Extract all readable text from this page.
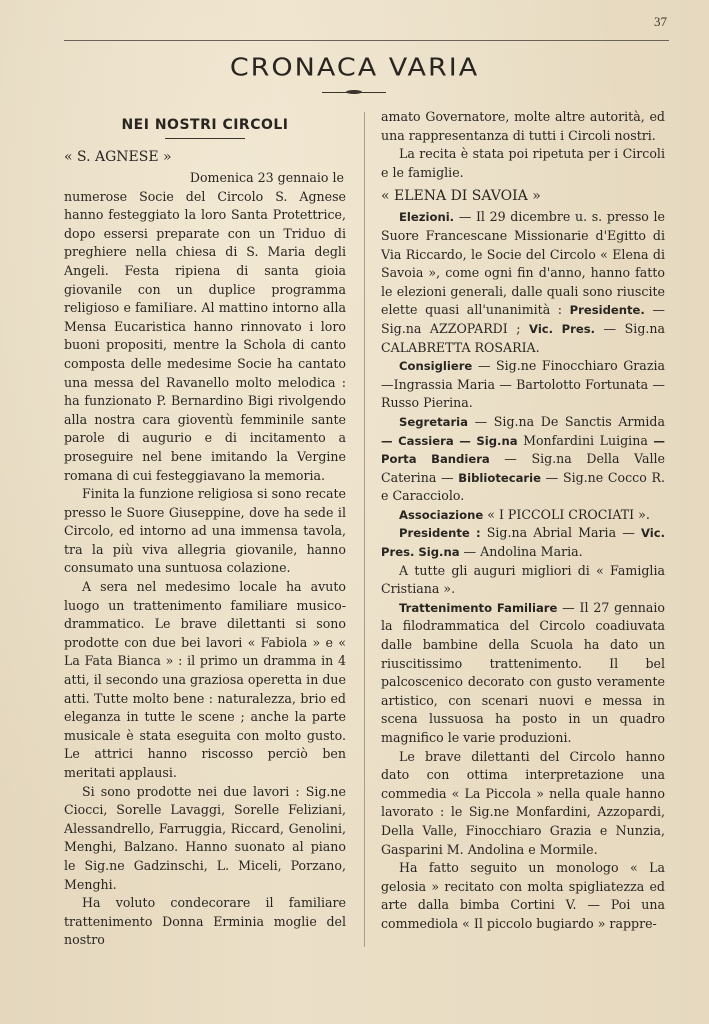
37
CRONACA VARIA
NEI NOSTRI CIRCOLI
« S. AGNESE »

Domenica 23 gennaio le

numerose Socie del Circolo S. Agnese hanno festeggiato la loro Santa Protettrice, dopo essersi preparate con un Triduo di preghiere nella chiesa di S. Maria degli Angeli. Festa ripiena di santa gioia giovanile con un duplice programma religioso e famiIiare. Al mattino intorno alla Mensa Eucaristica hanno rinnovato i loro buoni propositi, mentre la Schola di canto composta delle medesime Socie ha cantato una messa del Ravanello molto melodica : ha funzionato P. Bernardino Bigi rivolgendo alla nostra cara gioventù femminile sante parole di augurio e di incitamento a proseguire nel bene imitando la Vergine romana di cui festeggiavano la memoria.

Finita la funzione religiosa si sono recate presso le Suore Giuseppine, dove ha sede il Circolo, ed intorno ad una immensa tavola, tra la più viva allegria giovanile, hanno consumato una suntuosa colazione.

A sera nel medesimo locale ha avuto luogo un trattenimento familiare musico-drammatico. Le brave dilettanti si sono prodotte con due bei lavori « Fabiola » e « La Fata Bianca » : il primo un dramma in 4 atti, il secondo una graziosa operetta in due atti. Tutte molto bene : naturalezza, brio ed eleganza in tutte le scene ; anche la parte musicale è stata eseguita con molto gusto. Le attrici hanno riscosso perciò ben meritati applausi.

Si sono prodotte nei due lavori : Sig.ne Ciocci, Sorelle Lavaggi, Sorelle Feliziani, Alessandrello, Farruggia, Riccard, Genolini, Menghi, Balzano. Hanno suonato al piano le Sig.ne Gadzinschi, L. Miceli, Porzano, Menghi.

Ha voluto condecorare il familiare trattenimento Donna Erminia moglie del nostro

amato Governatore, molte altre autorità, ed una rappresentanza di tutti i Circoli nostri.

La recita è stata poi ripetuta per i Circoli e le famiglie.

« ELENA DI SAVOIA »

Elezioni. — Il 29 dicembre u. s. presso le Suore Francescane Missionarie d'Egitto di Via Riccardo, le Socie del Circolo « Elena di Savoia », come ogni fin d'anno, hanno fatto le elezioni generali, dalle quali sono riuscite elette quasi all'unanimità : Presidente. — Sig.na AZZOPARDI ; Vic. Pres. — Sig.na CALABRETTA ROSARIA.

Consigliere — Sig.ne Finocchiaro Grazia —Ingrassia Maria — Bartolotto Fortunata — Russo Pierina.

Segretaria — Sig.na De Sanctis Armida — Cassiera — Sig.na Monfardini Luigina — Porta Bandiera — Sig.na Della Valle Caterina — Bibliotecarie — Sig.ne Cocco R. e Caracciolo.

Associazione « I PICCOLI CROCIATI ».

Presidente : Sig.na Abrial Maria — Vic. Pres. Sig.na — Andolina Maria.

A tutte gli auguri migliori di « Famiglia Cristiana ».

Trattenimento Familiare — Il 27 gennaio la filodrammatica del Circolo coadiuvata dalle bambine della Scuola ha dato un riuscitissimo trattenimento. Il bel palcoscenico decorato con gusto veramente artistico, con scenari nuovi e messa in scena lussuosa ha posto in un quadro magnifico le varie produzioni.

Le brave dilettanti del Circolo hanno dato con ottima interpretazione una commedia « La Piccola » nella quale hanno lavorato : le Sig.ne Monfardini, Azzopardi, Della Valle, Finocchiaro Grazia e Nunzia, Gasparini M. Andolina e Mormile.

Ha fatto seguito un monologo « La gelosia » recitato con molta spigliatezza ed arte dalla bimba Cortini V. — Poi una commediola « Il piccolo bugiardo » rappre-
